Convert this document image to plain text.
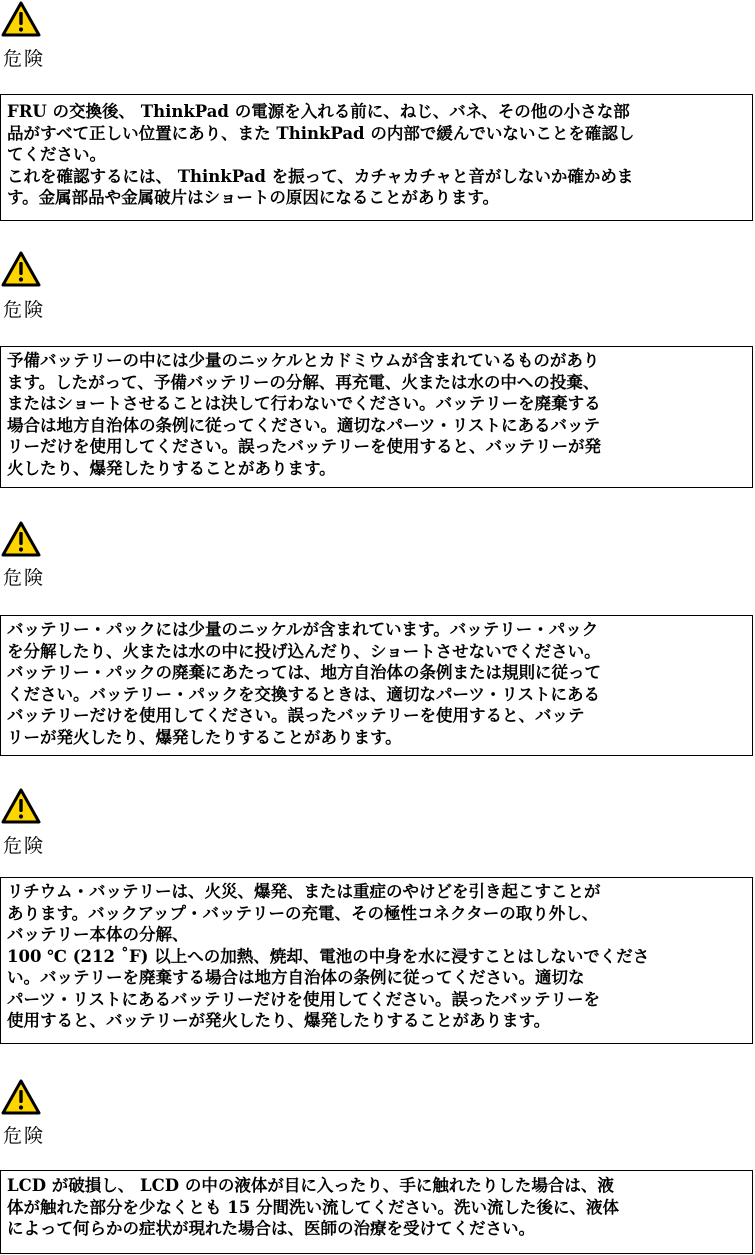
危険
FRU の交換後、 ThinkPad の電源を入れる前に、ねじ、バネ、その他の小さな部
品がすべて正しい位置にあり、また ThinkPad の内部で緩んでいないことを確認し
てください。
これを確認するには、 ThinkPad を振って、カチャカチャと音がしないか確かめま
す。金属部品や金属破片はショートの原因になることがあります。
危険
予備バッテリーの中には少量のニッケルとカドミウムが含まれているものがあり
ます。したがって、予備バッテリーの分解、再充電、火または水の中への投棄、
またはショートさせることは決して行わないでください。バッテリーを廃棄する
場合は地方自治体の条例に従ってください。適切なパーツ・リストにあるバッテ
リーだけを使用してください。誤ったバッテリーを使用すると、バッテリーが発
火したり、爆発したりすることがあります。
危険
バッテリー・パックには少量のニッケルが含まれています。バッテリー・パック
を分解したり、火または水の中に投げ込んだり、ショートさせないでください。
バッテリー・パックの廃棄にあたっては、地方自治体の条例または規則に従って
ください。バッテリー・パックを交換するときは、適切なパーツ・リストにある
バッテリーだけを使用してください。誤ったバッテリーを使用すると、バッテ
リーが発火したり、爆発したりすることがあります。
危険
リチウム・バッテリーは、火災、爆発、または重症のやけどを引き起こすことが
あります。バックアップ・バッテリーの充電、その極性コネクターの取り外し、
バッテリー本体の分解、
100 ℃ (212 ˚F) 以上への加熱、焼却、電池の中身を水に浸すことはしないでくださ
い。バッテリーを廃棄する場合は地方自治体の条例に従ってください。適切な
パーツ・リストにあるバッテリーだけを使用してください。誤ったバッテリーを
使用すると、バッテリーが発火したり、爆発したりすることがあります。
危険
LCD が破損し、 LCD の中の液体が目に入ったり、手に触れたりした場合は、液
体が触れた部分を少なくとも 15 分間洗い流してください。洗い流した後に、液体
によって何らかの症状が現れた場合は、医師の治療を受けてください。
